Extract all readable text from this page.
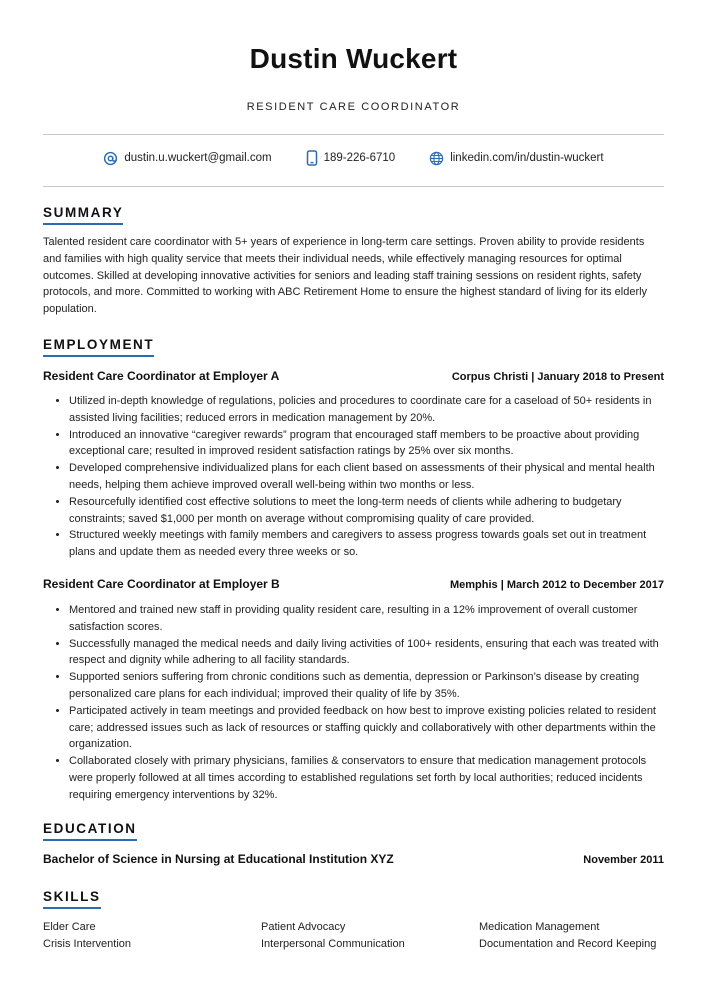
Dustin Wuckert
RESIDENT CARE COORDINATOR
dustin.u.wuckert@gmail.com	189-226-6710	linkedin.com/in/dustin-wuckert
SUMMARY
Talented resident care coordinator with 5+ years of experience in long-term care settings. Proven ability to provide residents and families with high quality service that meets their individual needs, while effectively managing resources for optimal outcomes. Skilled at developing innovative activities for seniors and leading staff training sessions on resident rights, safety protocols, and more. Committed to working with ABC Retirement Home to ensure the highest standard of living for its elderly population.
EMPLOYMENT
Resident Care Coordinator at Employer A	Corpus Christi | January 2018 to Present
• Utilized in-depth knowledge of regulations, policies and procedures to coordinate care for a caseload of 50+ residents in assisted living facilities; reduced errors in medication management by 20%.
• Introduced an innovative “caregiver rewards” program that encouraged staff members to be proactive about providing exceptional care; resulted in improved resident satisfaction ratings by 25% over six months.
• Developed comprehensive individualized plans for each client based on assessments of their physical and mental health needs, helping them achieve improved overall well-being within two months or less.
• Resourcefully identified cost effective solutions to meet the long-term needs of clients while adhering to budgetary constraints; saved $1,000 per month on average without compromising quality of care provided.
• Structured weekly meetings with family members and caregivers to assess progress towards goals set out in treatment plans and update them as needed every three weeks or so.
Resident Care Coordinator at Employer B	Memphis | March 2012 to December 2017
• Mentored and trained new staff in providing quality resident care, resulting in a 12% improvement of overall customer satisfaction scores.
• Successfully managed the medical needs and daily living activities of 100+ residents, ensuring that each was treated with respect and dignity while adhering to all facility standards.
• Supported seniors suffering from chronic conditions such as dementia, depression or Parkinson’s disease by creating personalized care plans for each individual; improved their quality of life by 35%.
• Participated actively in team meetings and provided feedback on how best to improve existing policies related to resident care; addressed issues such as lack of resources or staffing quickly and collaboratively with other departments within the organization.
• Collaborated closely with primary physicians, families & conservators to ensure that medication management protocols were properly followed at all times according to established regulations set forth by local authorities; reduced incidents requiring emergency interventions by 32%.
EDUCATION
Bachelor of Science in Nursing at Educational Institution XYZ	November 2011
SKILLS
Elder Care	Patient Advocacy	Medication Management
Crisis Intervention	Interpersonal Communication	Documentation and Record Keeping
